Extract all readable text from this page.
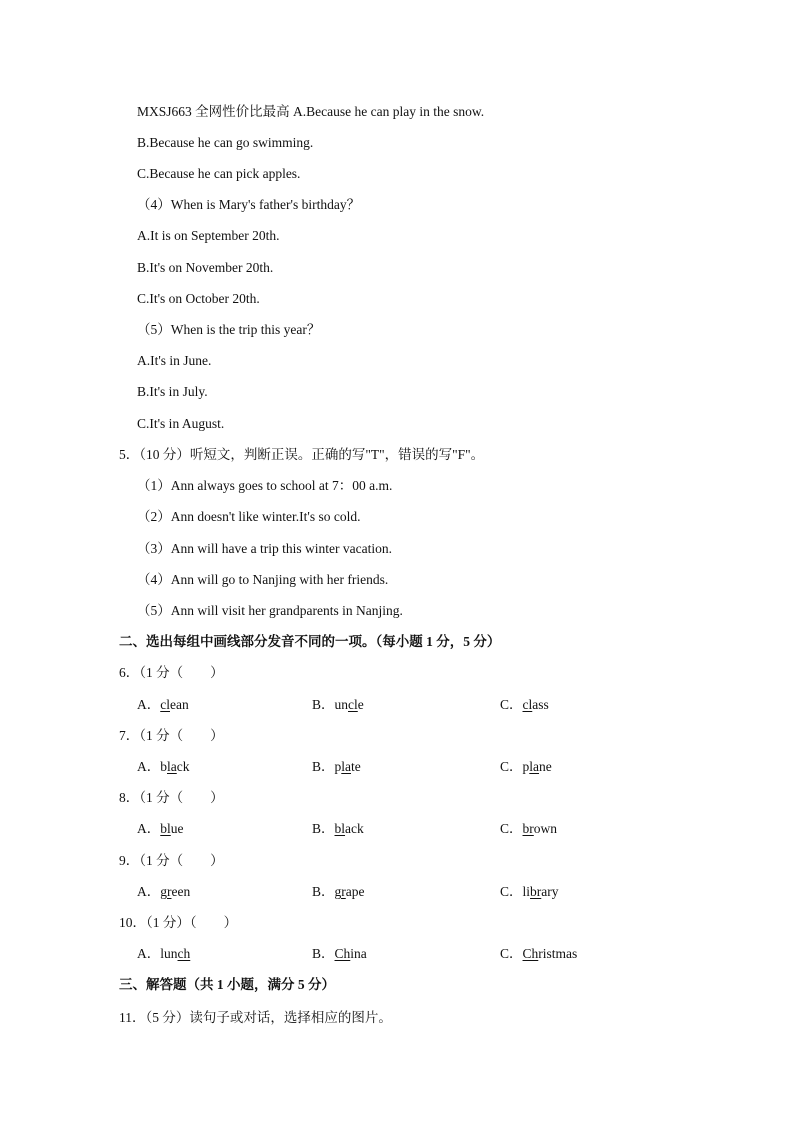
MXSJ663 全网性价比最高 A.Because he can play in the snow.
B.Because he can go swimming.
C.Because he can pick apples.
（4）When is Mary's father's birthday？
A.It is on September 20th.
B.It's on November 20th.
C.It's on October 20th.
（5）When is the trip this year？
A.It's in June.
B.It's in July.
C.It's in August.
5．（10 分）听短文，判断正误。正确的写"T"，错误的写"F"。
（1）Ann always goes to school at 7：00 a.m.
（2）Ann doesn't like winter.It's so cold.
（3）Ann will have a trip this winter vacation.
（4）Ann will go to Nanjing with her friends.
（5）Ann will visit her grandparents in Nanjing.
二、选出每组中画线部分发音不同的一项。（每小题 1 分，5 分）
6．（1 分（　　）
A．clean	B．uncle	C．class
7．（1 分（　　）
A．black	B．plate	C．plane
8．（1 分（　　）
A．blue	B．black	C．brown
9．（1 分（　　）
A．green	B．grape	C．library
10．（1 分）（　　）
A．lunch	B．China	C．Christmas
三、解答题（共 1 小题，满分 5 分）
11．（5 分）读句子或对话，选择相应的图片。
